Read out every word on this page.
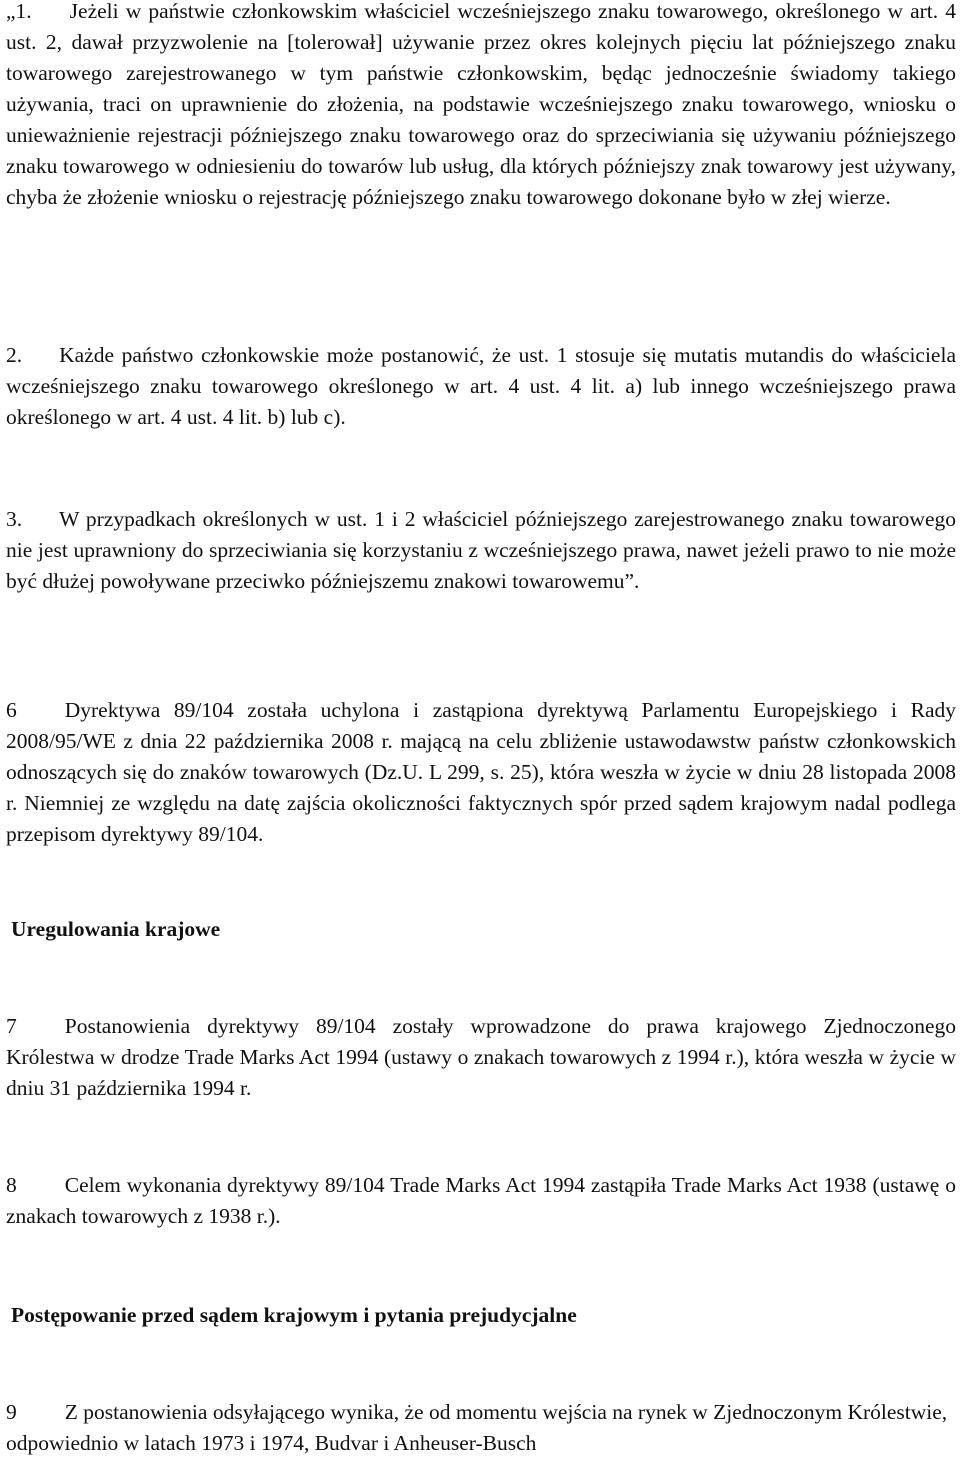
„1. Jeżeli w państwie członkowskim właściciel wcześniejszego znaku towarowego, określonego w art. 4 ust. 2, dawał przyzwolenie na [tolerował] używanie przez okres kolejnych pięciu lat późniejszego znaku towarowego zarejestrowanego w tym państwie członkowskim, będąc jednocześnie świadomy takiego używania, traci on uprawnienie do złożenia, na podstawie wcześniejszego znaku towarowego, wniosku o unieważnienie rejestracji późniejszego znaku towarowego oraz do sprzeciwiania się używaniu późniejszego znaku towarowego w odniesieniu do towarów lub usług, dla których późniejszy znak towarowy jest używany, chyba że złożenie wniosku o rejestrację późniejszego znaku towarowego dokonane było w złej wierze.

2. Każde państwo członkowskie może postanowić, że ust. 1 stosuje się mutatis mutandis do właściciela wcześniejszego znaku towarowego określonego w art. 4 ust. 4 lit. a) lub innego wcześniejszego prawa określonego w art. 4 ust. 4 lit. b) lub c).

3. W przypadkach określonych w ust. 1 i 2 właściciel późniejszego zarejestrowanego znaku towarowego nie jest uprawniony do sprzeciwiania się korzystaniu z wcześniejszego prawa, nawet jeżeli prawo to nie może być dłużej powoływane przeciwko późniejszemu znakowi towarowemu”.

6 Dyrektywa 89/104 została uchylona i zastąpiona dyrektywą Parlamentu Europejskiego i Rady 2008/95/WE z dnia 22 października 2008 r. mającą na celu zbliżenie ustawodawstw państw członkowskich odnoszących się do znaków towarowych (Dz.U. L 299, s. 25), która weszła w życie w dniu 28 listopada 2008 r. Niemniej ze względu na datę zajścia okoliczności faktycznych spór przed sądem krajowym nadal podlega przepisom dyrektywy 89/104.

Uregulowania krajowe

7 Postanowienia dyrektywy 89/104 zostały wprowadzone do prawa krajowego Zjednoczonego Królestwa w drodze Trade Marks Act 1994 (ustawy o znakach towarowych z 1994 r.), która weszła w życie w dniu 31 października 1994 r.

8 Celem wykonania dyrektywy 89/104 Trade Marks Act 1994 zastąpiła Trade Marks Act 1938 (ustawę o znakach towarowych z 1938 r.).

Postępowanie przed sądem krajowym i pytania prejudycjalne

9 Z postanowienia odsyłającego wynika, że od momentu wejścia na rynek w Zjednoczonym Królestwie, odpowiednio w latach 1973 i 1974, Budvar i Anheuser-Busch
